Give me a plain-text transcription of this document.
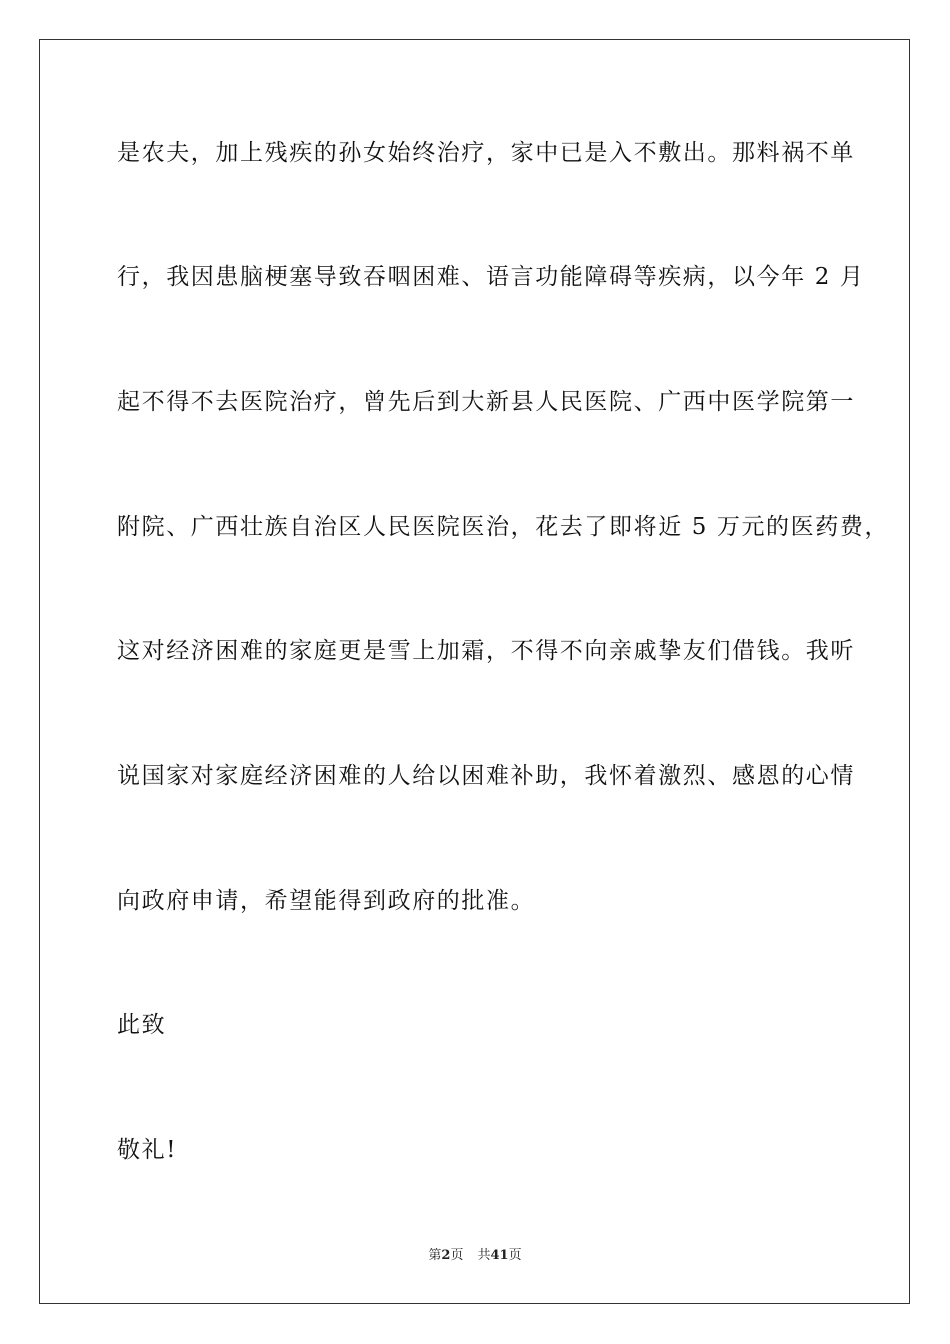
是农夫，加上残疾的孙女始终治疗，家中已是入不敷出。那料祸不单
行，我因患脑梗塞导致吞咽困难、语言功能障碍等疾病，以今年 2 月
起不得不去医院治疗，曾先后到大新县人民医院、广西中医学院第一
附院、广西壮族自治区人民医院医治，花去了即将近 5 万元的医药费，
这对经济困难的家庭更是雪上加霜，不得不向亲戚挚友们借钱。我听
说国家对家庭经济困难的人给以困难补助，我怀着激烈、感恩的心情
向政府申请，希望能得到政府的批准。
此致
敬礼!
第2页 共41页
